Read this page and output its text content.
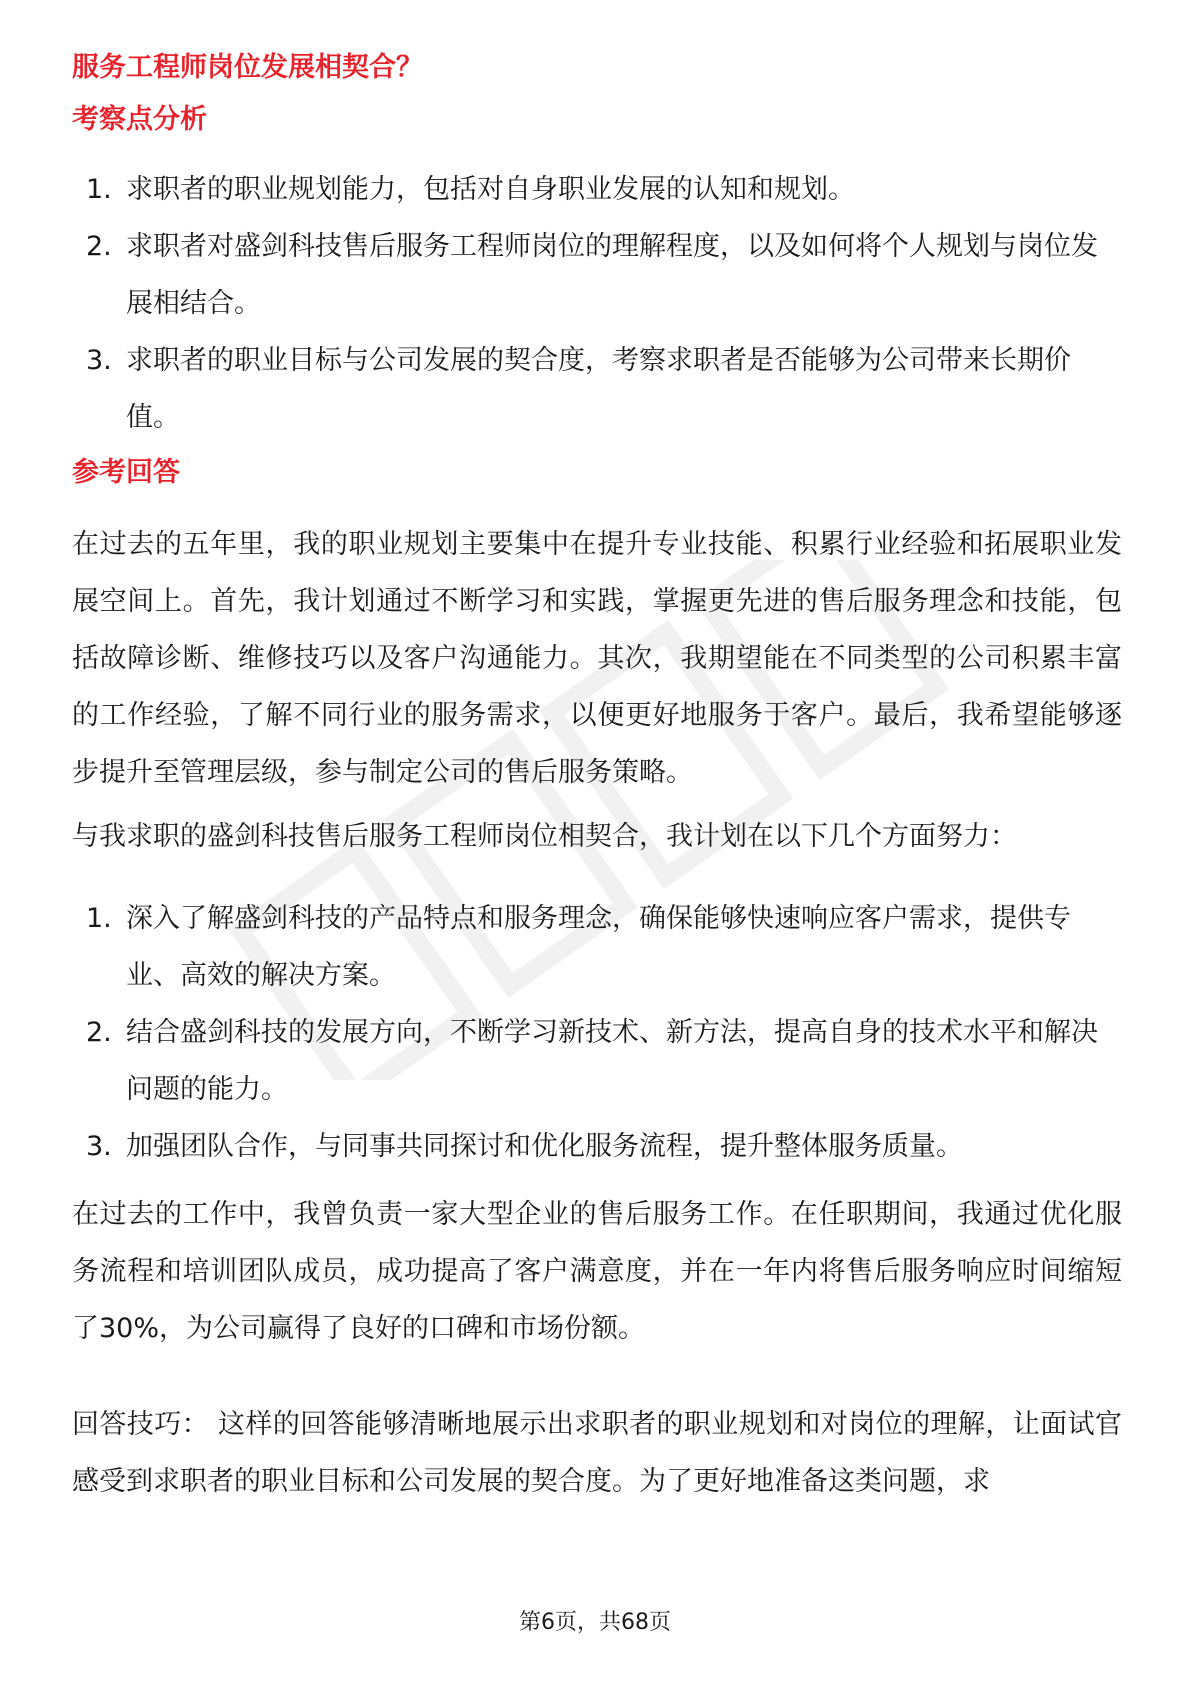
服务工程师岗位发展相契合？
考察点分析
1. 求职者的职业规划能力，包括对自身职业发展的认知和规划。
2. 求职者对盛剑科技售后服务工程师岗位的理解程度，以及如何将个人规划与岗位发展相结合。
3. 求职者的职业目标与公司发展的契合度，考察求职者是否能够为公司带来长期价值。
参考回答

在过去的五年里，我的职业规划主要集中在提升专业技能、积累行业经验和拓展职业发展空间上。首先，我计划通过不断学习和实践，掌握更先进的售后服务理念和技能，包括故障诊断、维修技巧以及客户沟通能力。其次，我期望能在不同类型的公司积累丰富的工作经验，了解不同行业的服务需求，以便更好地服务于客户。最后，我希望能够逐步提升至管理层级，参与制定公司的售后服务策略。

与我求职的盛剑科技售后服务工程师岗位相契合，我计划在以下几个方面努力：

1. 深入了解盛剑科技的产品特点和服务理念，确保能够快速响应客户需求，提供专业、高效的解决方案。
2. 结合盛剑科技的发展方向，不断学习新技术、新方法，提高自身的技术水平和解决问题的能力。
3. 加强团队合作，与同事共同探讨和优化服务流程，提升整体服务质量。

在过去的工作中，我曾负责一家大型企业的售后服务工作。在任职期间，我通过优化服务流程和培训团队成员，成功提高了客户满意度，并在一年内将售后服务响应时间缩短了30%，为公司赢得了良好的口碑和市场份额。

回答技巧： 这样的回答能够清晰地展示出求职者的职业规划和对岗位的理解，让面试官感受到求职者的职业目标和公司发展的契合度。为了更好地准备这类问题，求

第6页，共68页
